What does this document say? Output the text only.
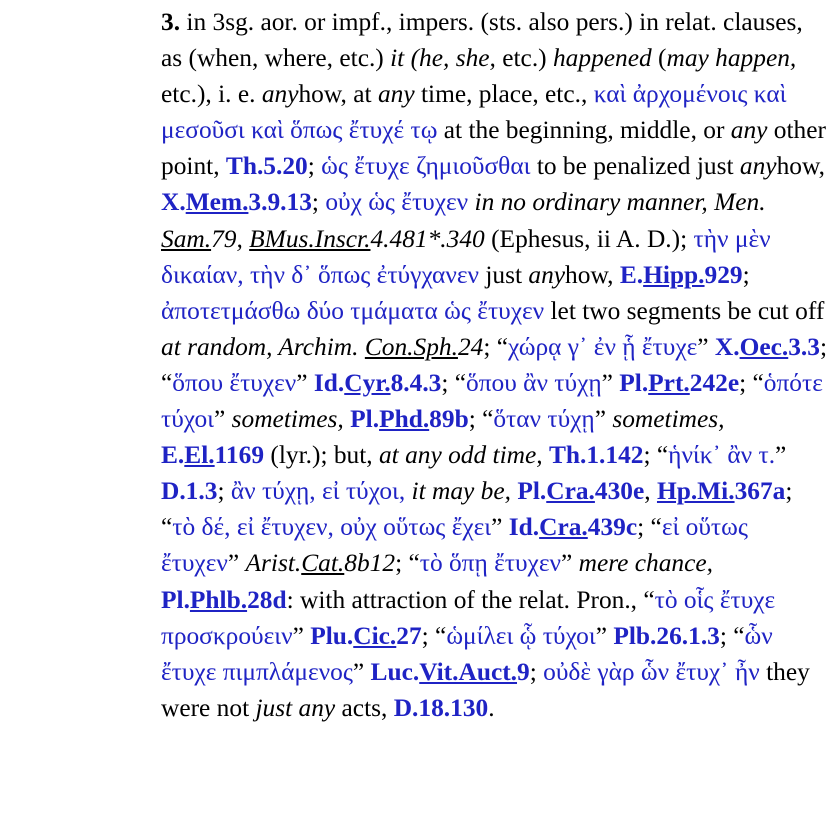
3. in 3sg. aor. or impf., impers. (sts. also pers.) in relat. clauses, as (when, where, etc.) it (he, she, etc.) happened (may happen, etc.), i. e. anyhow, at any time, place, etc., καὶ ἀρχομένοις καὶ μεσοῦσι καὶ ὅπως ἔτυχέ τῳ at the beginning, middle, or any other point, Th.5.20; ὡς ἔτυχε ζημιοῦσθαι to be penalized just anyhow, X.Mem.3.9.13; οὐχ ὡς ἔτυχεν in no ordinary manner, Men. Sam.79, BMus.Inscr.4.481*.340 (Ephesus, ii A. D.); τὴν μὲν δικαίαν, τὴν δ᾽ ὅπως ἐτύγχανεν just anyhow, E.Hipp.929; ἀποτετμάσθω δύο τμάματα ὡς ἔτυχεν let two segments be cut off at random, Archim. Con.Sph.24; “χώρᾳ γ᾽ ἐν ᾗ ἔτυχε” X.Oec.3.3; “ὅπου ἔτυχεν” Id.Cyr.8.4.3; “ὅπου ἂν τύχῃ” Pl.Prt.242e; “ὁπότε τύχοι” sometimes, Pl.Phd.89b; “ὅταν τύχῃ” sometimes, E.El.1169 (lyr.); but, at any odd time, Th.1.142; “ἡνίκ᾽ ἂν τ.” D.1.3; ἂν τύχῃ, εἰ τύχοι, it may be, Pl.Cra.430e, Hp.Mi.367a; “τὸ δέ, εἰ ἔτυχεν, οὐχ οὕτως ἔχει” Id.Cra.439c; “εἰ οὕτως ἔτυχεν” Arist.Cat.8b12; “τὸ ὅπῃ ἔτυχεν” mere chance, Pl.Phlb.28d: with attraction of the relat. Pron., “τὸ οἷς ἔτυχε προσκρούειν” Plu.Cic.27; “ὡμίλει ᾧ τύχοι” Plb.26.1.3; “ὧν ἔτυχε πιμπλάμενος” Luc.Vit.Auct.9; οὐδὲ γὰρ ὧν ἔτυχ᾽ ἦν they were not just any acts, D.18.130.
